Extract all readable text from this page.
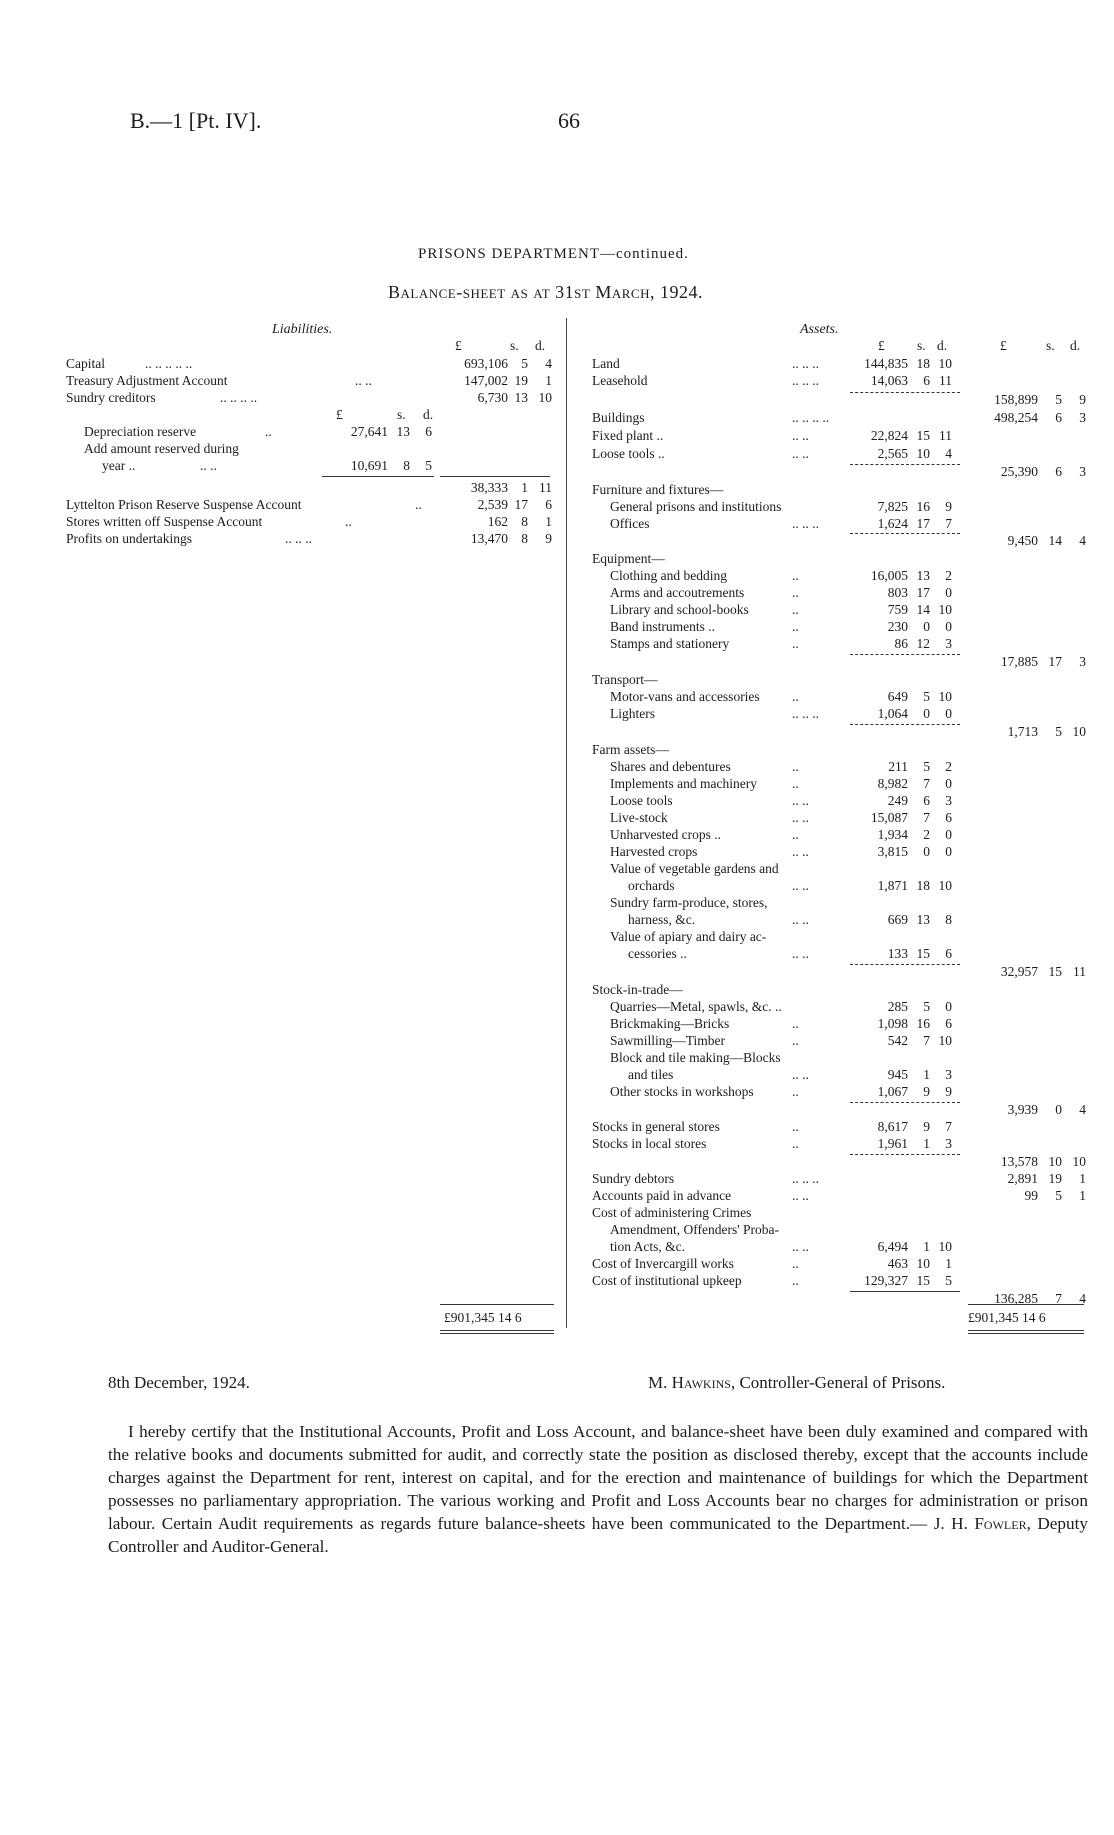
B.—1 [Pt. IV].	66
PRISONS DEPARTMENT—continued.
Balance-sheet as at 31st March, 1924.
Liabilities.
£	s. d.
Capital	.. .. .. .. ..	693,106 5	4
Treasury Adjustment Account	.. ..	147,002 19	1
Sundry creditors	.. .. .. ..	6,730 13 10
£	s. d.
Depreciation reserve	..	27,641 13	6
Add amount reserved during
year ..	.. ..	10,691	8	5
38,333 1 11
Lyttelton Prison Reserve Suspense Account	..	2,539 17	6
Stores written off Suspense Account	..	162 8	1
Profits on undertakings	.. .. ..	13,470 8	9
£901,345 14 6
Assets.
£ s. d.	£	s. d.
Land	.. .. ..	144,835 18 10
Leasehold	.. .. ..	14,063	6 11
158,899	5	9
Buildings	.. .. .. ..	498,254	6	3
Fixed plant ..	.. ..	22,824 15 11
Loose tools ..	.. ..	2,565 10	4
25,390	6	3
Furniture and fixtures—
General prisons and institutions	7,825 16	9
Offices	.. .. ..	1,624 17	7
9,450 14	4
Equipment—
Clothing and bedding	..	16,005 13	2
Arms and accoutrements	..	803 17	0
Library and school-books	..	759 14 10
Band instruments ..	..	230	0	0
Stamps and stationery	..	86 12	3
17,885 17	3
Transport—
Motor-vans and accessories ..	649	5 10
Lighters	.. .. ..	1,064	0	0
1,713	5 10
Farm assets—
Shares and debentures	..	211	5	2
Implements and machinery	..	8,982	7	0
Loose tools	.. ..	249	6	3
Live-stock	.. ..	15,087	7	6
Unharvested crops ..	..	1,934	2	0
Harvested crops	.. ..	3,815	0	0
Value of vegetable gardens and
orchards	.. ..	1,871 18 10
Sundry farm-produce, stores,
harness, &c.	.. ..	669 13	8
Value of apiary and dairy ac-
cessories ..	.. ..	133 15	6
32,957 15 11
Stock-in-trade—
Quarries—Metal, spawls, &c. ..	285	5	0
Brickmaking—Bricks	..	1,098 16	6
Sawmilling—Timber	..	542	7 10
Block and tile making—Blocks
and tiles	.. ..	945	1	3
Other stocks in workshops	..	1,067	9	9
3,939	0	4
Stocks in general stores	..	8,617	9	7
Stocks in local stores	..	1,961	1	3
13,578 10 10
Sundry debtors	.. .. ..	2,891 19	1
Accounts paid in advance	.. ..	99	5	1
Cost of administering Crimes
Amendment, Offenders' Proba-
tion Acts, &c.	.. ..	6,494	1 10
Cost of Invercargill works	..	463 10	1
Cost of institutional upkeep	..	129,327 15	5
136,285	7	4
£901,345 14 6
8th December, 1924.	M. Hawkins, Controller-General of Prisons.
I hereby certify that the Institutional Accounts, Profit and Loss Account, and balance-sheet have been duly examined and compared with the relative books and documents submitted for audit, and correctly state the position as disclosed thereby, except that the accounts include charges against the Department for rent, interest on capital, and for the erection and maintenance of buildings for which the Department possesses no parliamentary appropriation. The various working and Profit and Loss Accounts bear no charges for administration or prison labour. Certain Audit requirements as regards future balance-sheets have been communicated to the Department.— J. H. Fowler, Deputy Controller and Auditor-General.
